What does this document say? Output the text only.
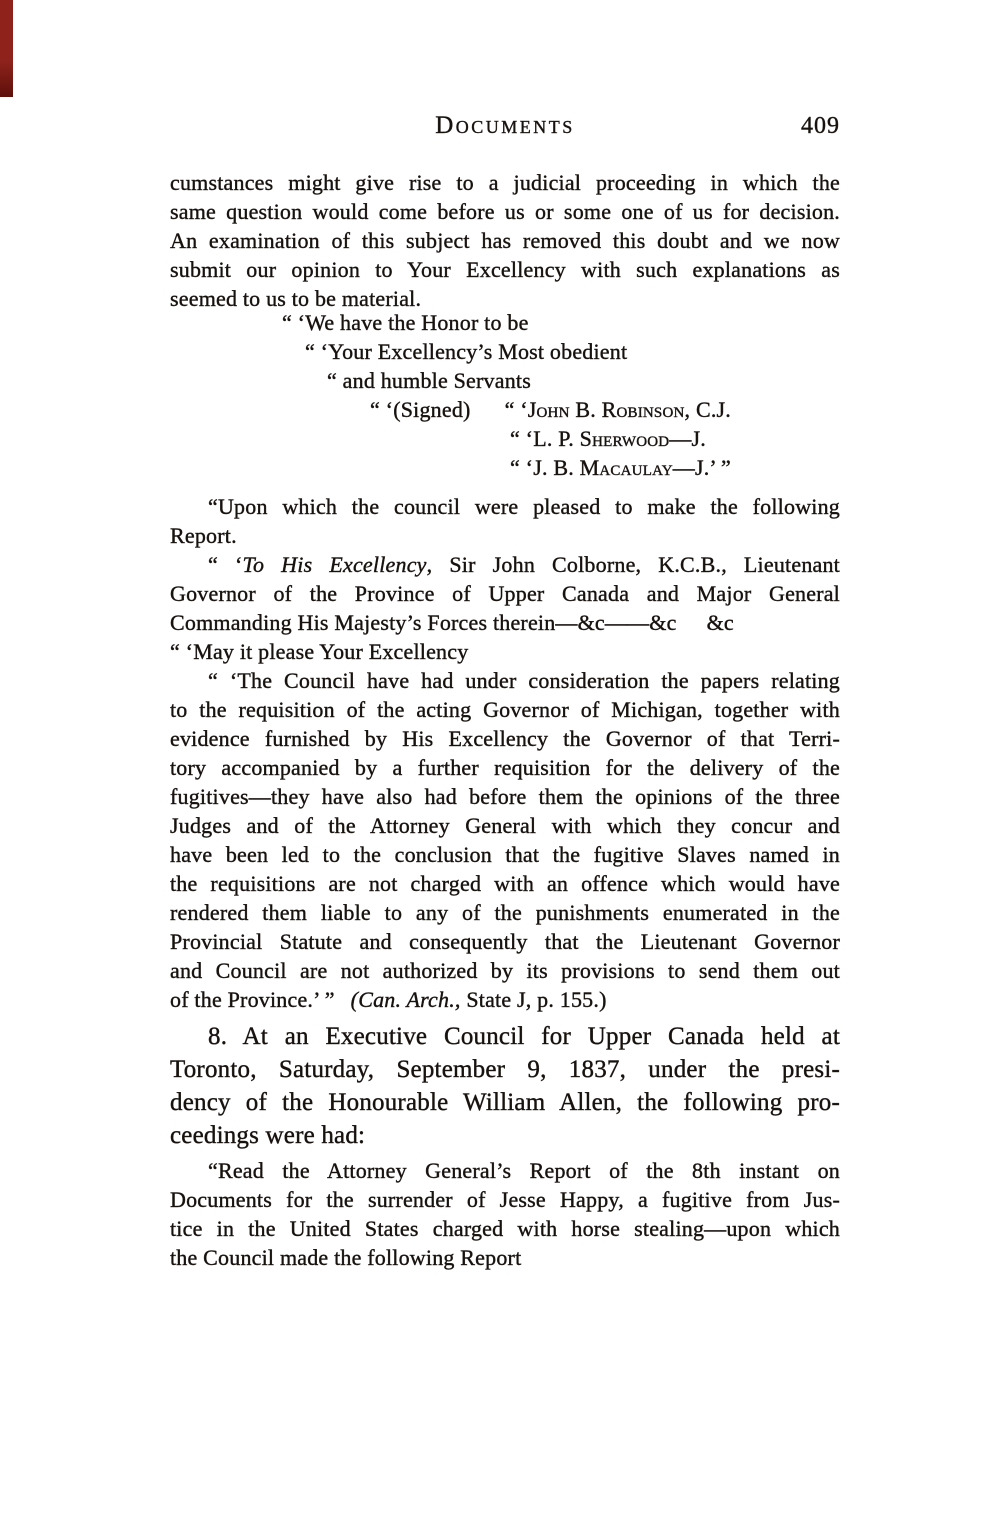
Documents	409
cumstances might give rise to a judicial proceeding in which the
same question would come before us or some one of us for decision.
An examination of this subject has removed this doubt and we now
submit our opinion to Your Excellency with such explanations as
seemed to us to be material.
“ ‘We have the Honor to be
“ ‘Your Excellency’s Most obedient
“ and humble Servants
“ ‘(Signed) “ ‘John B. Robinson, C.J.
“ ‘L. P. Sherwood—J.
“ ‘J. B. Macaulay—J.’ ”
“Upon which the council were pleased to make the following
Report.
“ ‘To His Excellency, Sir John Colborne, K.C.B., Lieutenant
Governor of the Province of Upper Canada and Major General
Commanding His Majesty’s Forces therein—&c——&c &c
“ ‘May it please Your Excellency
“ ‘The Council have had under consideration the papers relating
to the requisition of the acting Governor of Michigan, together with
evidence furnished by His Excellency the Governor of that Terri-
tory accompanied by a further requisition for the delivery of the
fugitives—they have also had before them the opinions of the three
Judges and of the Attorney General with which they concur and
have been led to the conclusion that the fugitive Slaves named in
the requisitions are not charged with an offence which would have
rendered them liable to any of the punishments enumerated in the
Provincial Statute and consequently that the Lieutenant Governor
and Council are not authorized by its provisions to send them out
of the Province.’ ” (Can. Arch., State J, p. 155.)
8. At an Executive Council for Upper Canada held at
Toronto, Saturday, September 9, 1837, under the presi-
dency of the Honourable William Allen, the following pro-
ceedings were had:
“Read the Attorney General’s Report of the 8th instant on
Documents for the surrender of Jesse Happy, a fugitive from Jus-
tice in the United States charged with horse stealing—upon which
the Council made the following Report
